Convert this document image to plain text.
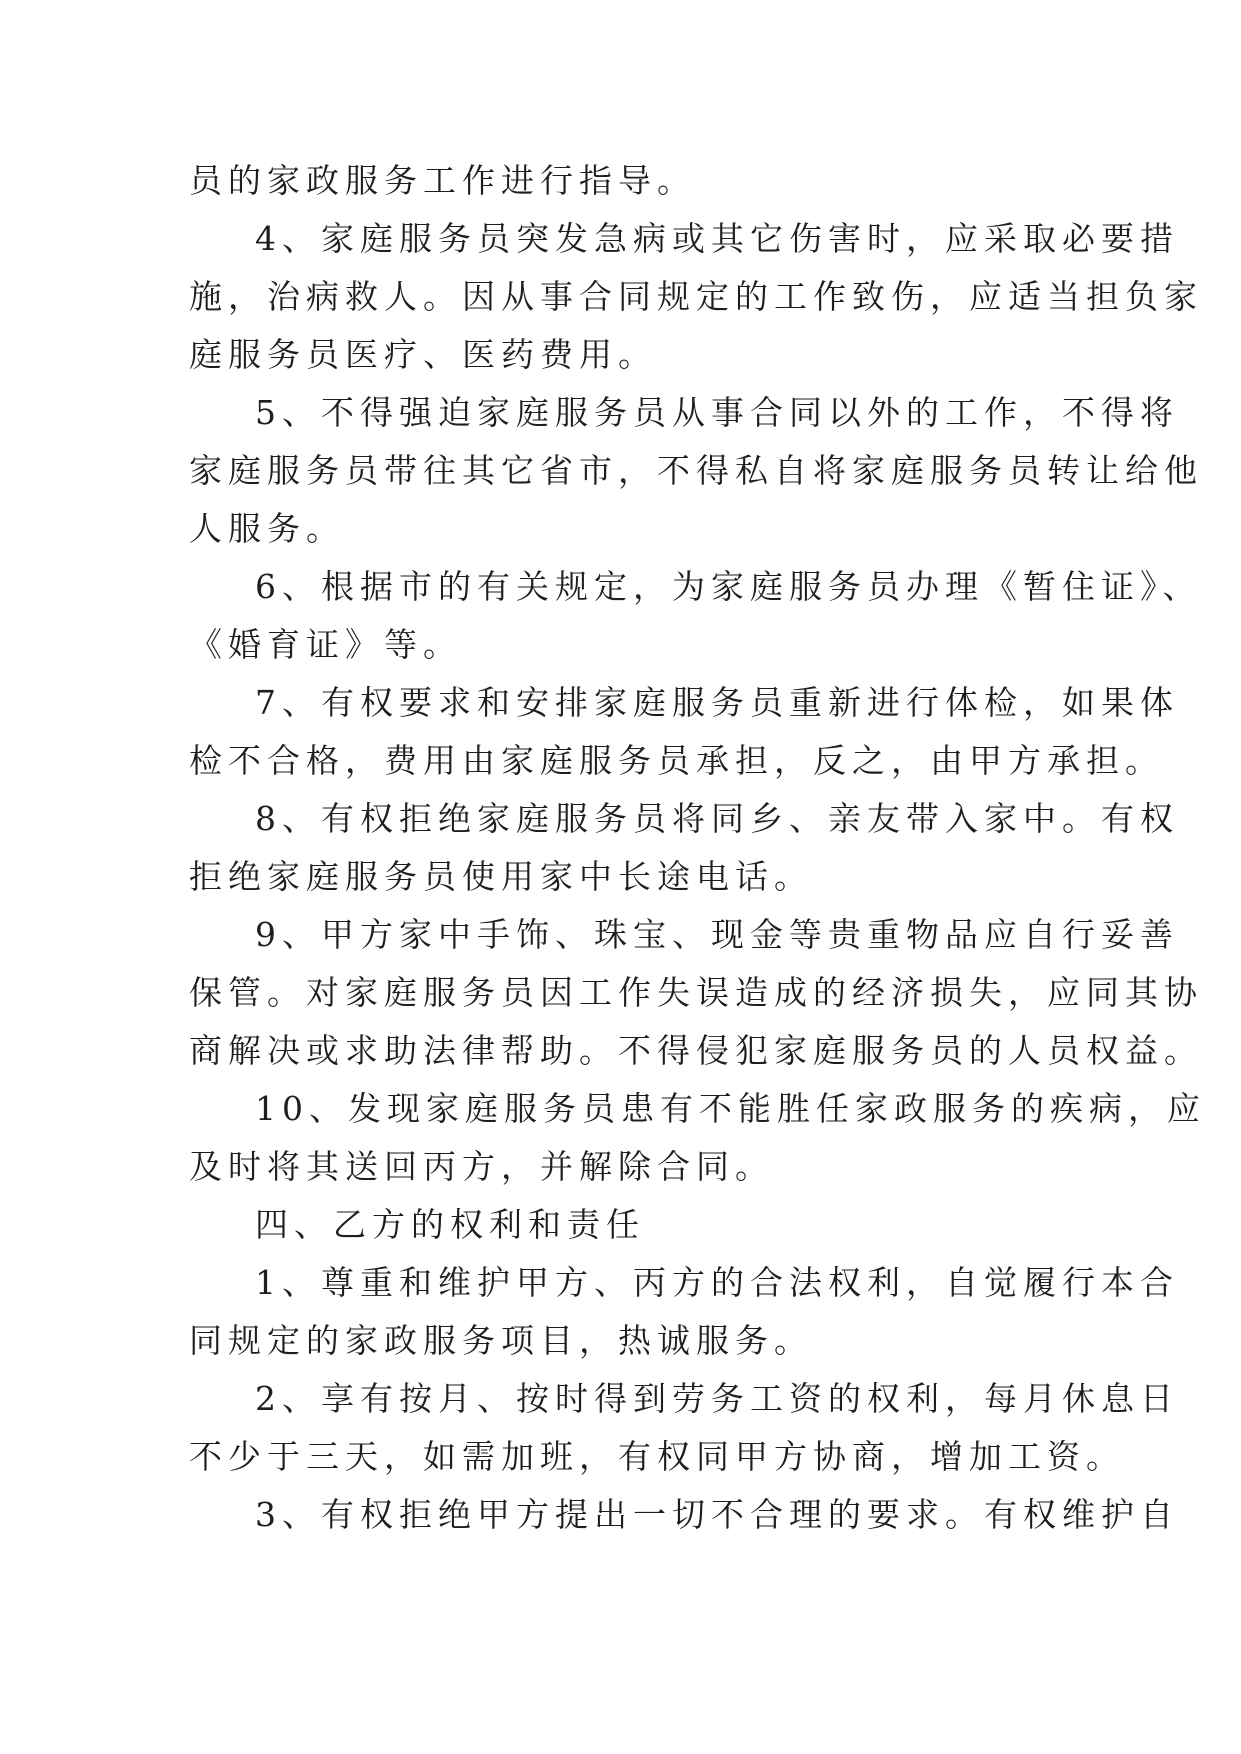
员的家政服务工作进行指导。
4、家庭服务员突发急病或其它伤害时，应采取必要措
施，治病救人。因从事合同规定的工作致伤，应适当担负家
庭服务员医疗、医药费用。
5、不得强迫家庭服务员从事合同以外的工作，不得将
家庭服务员带往其它省市，不得私自将家庭服务员转让给他
人服务。
6、根据市的有关规定，为家庭服务员办理《暂住证》、
《婚育证》等。
7、有权要求和安排家庭服务员重新进行体检，如果体
检不合格，费用由家庭服务员承担，反之，由甲方承担。
8、有权拒绝家庭服务员将同乡、亲友带入家中。有权
拒绝家庭服务员使用家中长途电话。
9、甲方家中手饰、珠宝、现金等贵重物品应自行妥善
保管。对家庭服务员因工作失误造成的经济损失，应同其协
商解决或求助法律帮助。不得侵犯家庭服务员的人员权益。
10、发现家庭服务员患有不能胜任家政服务的疾病，应
及时将其送回丙方，并解除合同。
四、乙方的权利和责任
1、尊重和维护甲方、丙方的合法权利，自觉履行本合
同规定的家政服务项目，热诚服务。
2、享有按月、按时得到劳务工资的权利，每月休息日
不少于三天，如需加班，有权同甲方协商，增加工资。
3、有权拒绝甲方提出一切不合理的要求。有权维护自
